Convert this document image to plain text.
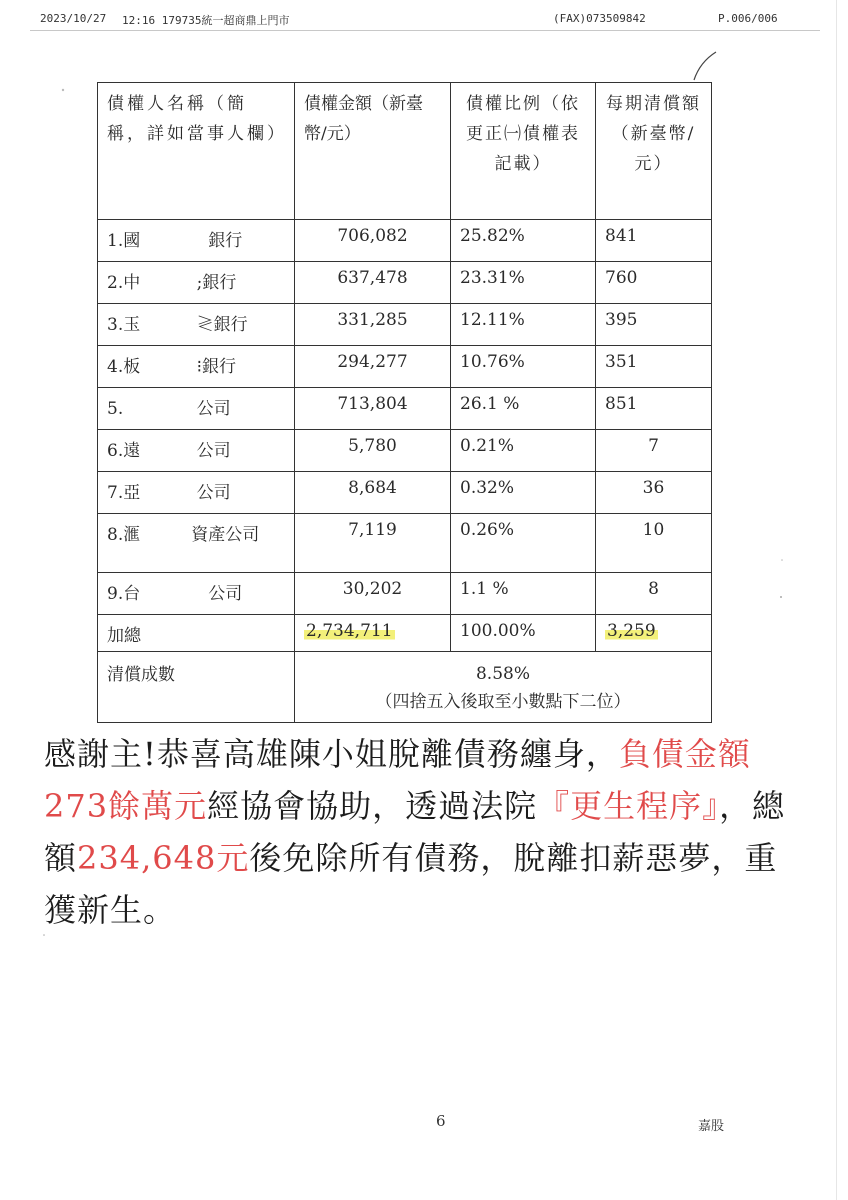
2023/10/27 12:16 179735統一超商鼎上門市	(FAX)073509842	P.006/006
債權人名稱（簡稱，詳如當事人欄）	債權金額（新臺幣/元）	債權比例（依更正㈠債權表記載）	每期清償額（新臺幣/元）
1.國　　　　銀行	706,082	25.82%	841
2.中　　　 ;銀行	637,478	23.31%	760
3.玉　　　 ≷銀行	331,285	12.11%	395
4.板　　　 ⁝銀行	294,277	10.76%	351
5.　　　　 公司	713,804	26.1 %	851
6.遠　　　 公司	5,780	0.21%	7
7.亞　　　 公司	8,684	0.32%	36
8.滙　　　資產公司	7,119	0.26%	10
9.台　　　　公司	30,202	1.1 %	8
加總	2,734,711	100.00%	3,259
清償成數	8.58%
（四捨五入後取至小數點下二位）		
感謝主!恭喜高雄陳小姐脫離債務纏身，負債金額273餘萬元經協會協助，透過法院『更生程序』，總額234,648元後免除所有債務，脫離扣薪惡夢，重獲新生。
6	嘉股
